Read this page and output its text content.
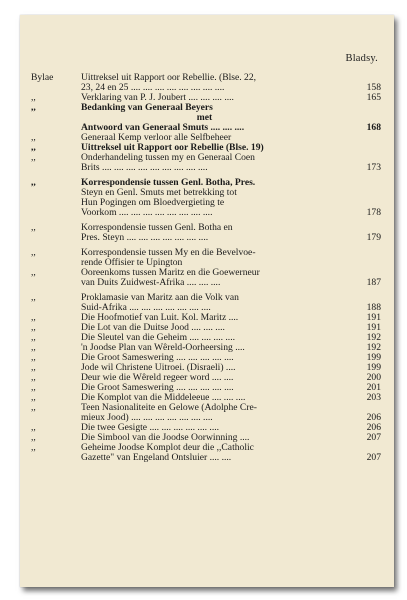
Bladsy.
Bylae	Uittreksel uit Rapport oor Rebellie. (Blse. 22,
23, 24 en 25 .... .... .... .... .... .... .... ....	158
,,	Verklaring van P. J. Joubert .... .... .... ....	165
,,	Bedanking van Generaal Beyers
met
Antwoord van Generaal Smuts .... .... ....	168
,,	Generaal Kemp verloor alle Selfbeheer
,,	Uittreksel uit Rapport oor Rebellie (Blse. 19)
,,	Onderhandeling tussen my en Generaal Coen
Brits .... .... .... .... .... .... .... .... ....	173
,,	Korrespondensie tussen Genl. Botha, Pres.
Steyn en Genl. Smuts met betrekking tot
Hun Pogingen om Bloedvergieting te
Voorkom .... .... .... .... .... .... .... ....	178
,,	Korrespondensie tussen Genl. Botha en
Pres. Steyn .... .... .... .... .... .... ....	179
,,	Korrespondensie tussen My en die Bevelvoe-
rende Offisier te Upington
,,	Ooreenkoms tussen Maritz en die Goewerneur
van Duits Zuidwest-Afrika .... .... ....	187
,,	Proklamasie van Maritz aan die Volk van
Suid-Afrika .... .... .... .... .... .... ....	188
,,	Die Hoofmotief van Luit. Kol. Maritz ....	191
,,	Die Lot van die Duitse Jood .... .... ....	191
,,	Die Sleutel van die Geheim .... .... .... ....	192
,,	'n Joodse Plan van Wêreld-Oorheersing ....	192
,,	Die Groot Sameswering .... .... .... .... ....	199
,,	Jode wil Christene Uitroei. (Disraeli) ....	199
,,	Deur wie die Wêreld regeer word .... ....	200
,,	Die Groot Sameswering .... .... .... .... ....	201
,,	Die Komplot van die Middeleeue .... .... ....	203
,,	Teen Nasionaliteite en Gelowe (Adolphe Cre-
mieux Jood) .... .... .... .... .... .... ....	206
,,	Die twee Gesigte .... .... .... .... .... ....	206
,,	Die Simbool van die Joodse Oorwinning ....	207
,,	Geheime Joodse Komplot deur die ,,Catholic
Gazette" van Engeland Ontsluier .... ....	207
